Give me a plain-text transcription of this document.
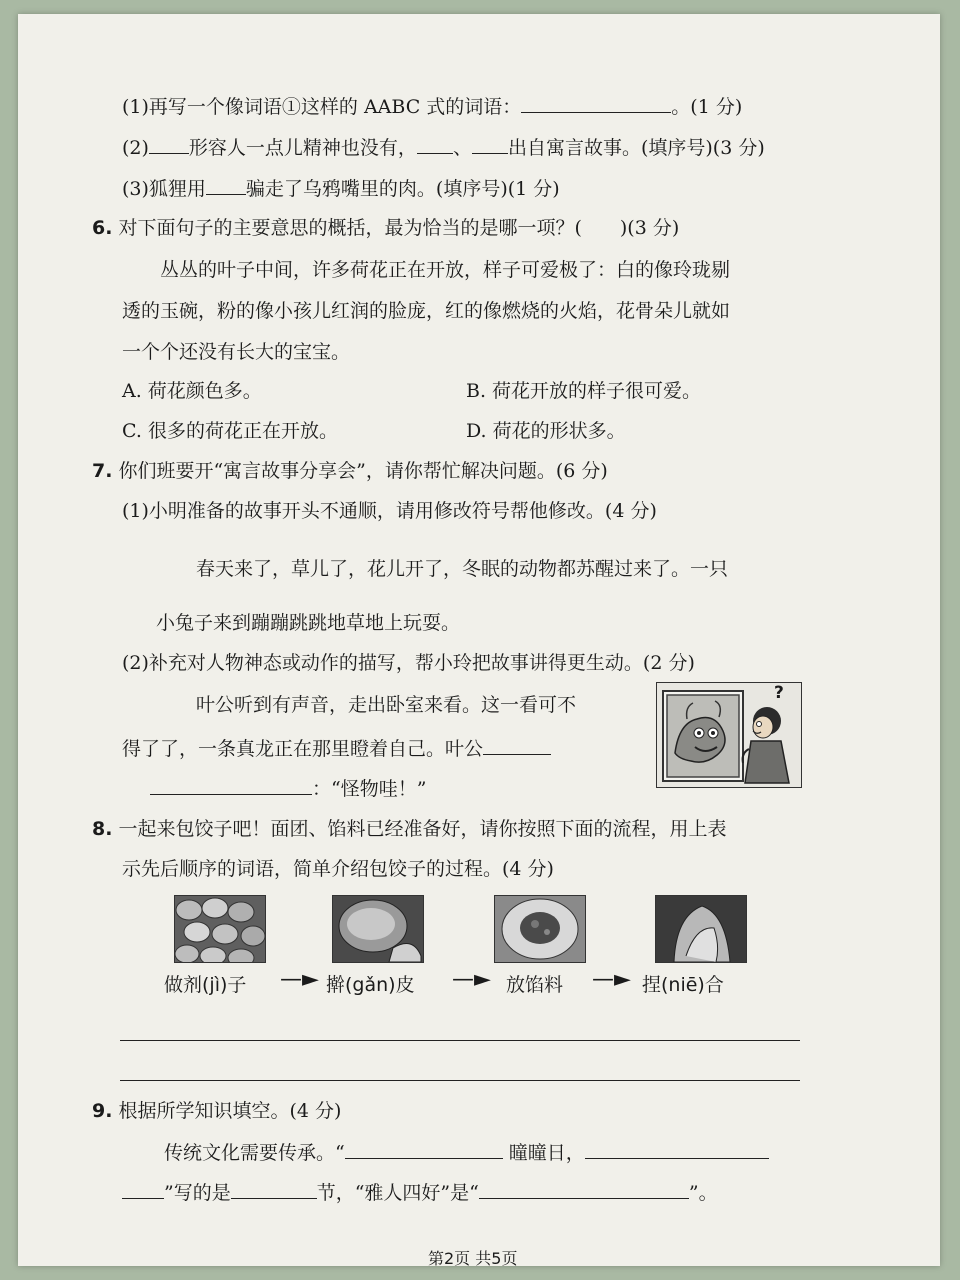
(1)再写一个像词语①这样的 AABC 式的词语：	。(1 分)
(2) 形容人一点儿精神也没有， 、 出自寓言故事。(填序号)(3 分)
(3)狐狸用 骗走了乌鸦嘴里的肉。(填序号)(1 分)
6. 对下面句子的主要意思的概括，最为恰当的是哪一项？(　　)(3 分)
丛丛的叶子中间，许多荷花正在开放，样子可爱极了：白的像玲珑剔
透的玉碗，粉的像小孩儿红润的脸庞，红的像燃烧的火焰，花骨朵儿就如
一个个还没有长大的宝宝。
A. 荷花颜色多。	B. 荷花开放的样子很可爱。
C. 很多的荷花正在开放。	D. 荷花的形状多。
7. 你们班要开“寓言故事分享会”，请你帮忙解决问题。(6 分)
(1)小明准备的故事开头不通顺，请用修改符号帮他修改。(4 分)
春天来了，草儿了，花儿开了，冬眠的动物都苏醒过来了。一只
小兔子来到蹦蹦跳跳地草地上玩耍。
(2)补充对人物神态或动作的描写，帮小玲把故事讲得更生动。(2 分)
叶公听到有声音，走出卧室来看。这一看可不
得了了，一条真龙正在那里瞪着自己。叶公
：“怪物哇！”
?
8. 一起来包饺子吧！面团、馅料已经准备好，请你按照下面的流程，用上表
示先后顺序的词语，简单介绍包饺子的过程。(4 分)
做剂(jì)子 —► 擀(gǎn)皮 —► 放馅料 —► 捏(niē)合
9. 根据所学知识填空。(4 分)
传统文化需要传承。“	曈曈日，
”写的是	节，“雅人四好”是“	”。
第2页 共5页
